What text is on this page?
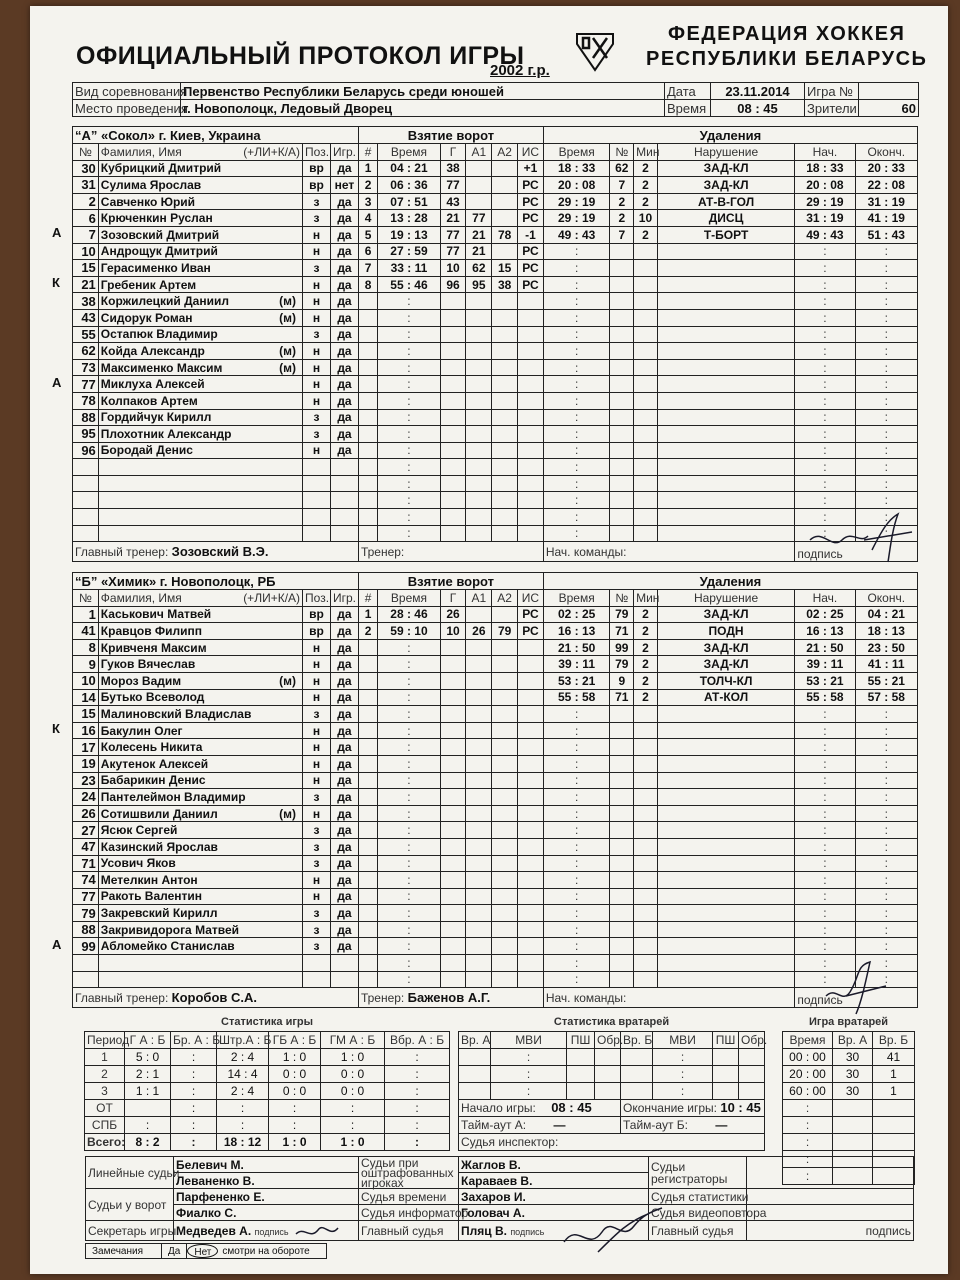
ОФИЦИАЛЬНЫЙ ПРОТОКОЛ ИГРЫ
2002 г.р.
ФЕДЕРАЦИЯ ХОККЕЯ
РЕСПУБЛИКИ БЕЛАРУСЬ
Вид соревнования	Первенство Республики Беларусь среди юношей	Дата	23.11.2014	Игра №	
Место проведения	г. Новополоцк, Ледовый Дворец	Время	08 : 45	Зрители	60
“А” «Сокол» г. Киев, Украина				Взятие ворот						Удаления					
№	Фамилия, Имя (+ЛИ+К/А)	Поз.	Игр.	#	Время	Г	А1	А2	ИС	Время	№	Мин	Нарушение	Нач.	Оконч.
30	Кубрицкий Дмитрий	вр	да	1	04 : 21	38			+1	18 : 33	62	2	ЗАД-КЛ	18 : 33	20 : 33
31	Сулима Ярослав	вр	нет	2	06 : 36	77			РС	20 : 08	7	2	ЗАД-КЛ	20 : 08	22 : 08
2	Савченко Юрий	з	да	3	07 : 51	43			РС	29 : 19	2	2	АТ-В-ГОЛ	29 : 19	31 : 19
6	Крюченкин Руслан	з	да	4	13 : 28	21	77		РС	29 : 19	2	10	ДИСЦ	31 : 19	41 : 19
7	Зозовский Дмитрий	н	да	5	19 : 13	77	21	78	-1	49 : 43	7	2	Т-БОРТ	49 : 43	51 : 43
10	Андрощук Дмитрий	н	да	6	27 : 59	77	21		РС	:				:	:
15	Герасименко Иван	з	да	7	33 : 11	10	62	15	РС	:				:	:
21	Гребеник Артем	н	да	8	55 : 46	96	95	38	РС	:				:	:
38	Коржилецкий Даниил (м)	н	да		:					:				:	:
43	Сидорук Роман (м)	н	да		:					:				:	:
55	Остапюк Владимир	з	да		:					:				:	:
62	Койда Александр (м)	н	да		:					:				:	:
73	Максименко Максим (м)	н	да		:					:				:	:
77	Миклуха Алексей	н	да		:					:				:	:
78	Колпаков Артем	н	да		:					:				:	:
88	Гордийчук Кирилл	з	да		:					:				:	:
95	Плохотник Александр	з	да		:					:				:	:
96	Бородай Денис	н	да		:					:				:	:
					:					:				:	:
					:					:				:	:
					:					:				:	:
					:					:				:	:
					:					:				:	:
Главный тренер: Зозовский В.Э.				Тренер:						Нач. команды:				подпись	
А
К
А
“Б” «Химик» г. Новополоцк, РБ				Взятие ворот						Удаления					
№	Фамилия, Имя (+ЛИ+К/А)	Поз.	Игр.	#	Время	Г	А1	А2	ИС	Время	№	Мин	Нарушение	Нач.	Оконч.
1	Каськович Матвей	вр	да	1	28 : 46	26			РС	02 : 25	79	2	ЗАД-КЛ	02 : 25	04 : 21
41	Кравцов Филипп	вр	да	2	59 : 10	10	26	79	РС	16 : 13	71	2	ПОДН	16 : 13	18 : 13
8	Кривченя Максим	н	да		:					21 : 50	99	2	ЗАД-КЛ	21 : 50	23 : 50
9	Гуков Вячеслав	н	да		:					39 : 11	79	2	ЗАД-КЛ	39 : 11	41 : 11
10	Мороз Вадим (м)	н	да		:					53 : 21	9	2	ТОЛЧ-КЛ	53 : 21	55 : 21
14	Бутько Всеволод	н	да		:					55 : 58	71	2	АТ-КОЛ	55 : 58	57 : 58
15	Малиновский Владислав	з	да		:					:				:	:
16	Бакулин Олег	н	да		:					:				:	:
17	Колесень Никита	н	да		:					:				:	:
19	Акутенок Алексей	н	да		:					:				:	:
23	Бабарикин Денис	н	да		:					:				:	:
24	Пантелеймон Владимир	з	да		:					:				:	:
26	Сотишвили Даниил (м)	н	да		:					:				:	:
27	Ясюк Сергей	з	да		:					:				:	:
47	Казинский Ярослав	з	да		:					:				:	:
71	Усович Яков	з	да		:					:				:	:
74	Метелкин Антон	н	да		:					:				:	:
77	Ракоть Валентин	н	да		:					:				:	:
79	Закревский Кирилл	з	да		:					:				:	:
88	Закривидорога Матвей	з	да		:					:				:	:
99	Абломейко Станислав	з	да		:					:				:	:
					:					:				:	:
					:					:				:	:
Главный тренер: Коробов С.А.				Тренер: Баженов А.Г.						Нач. команды:				подпись	
К
А
Статистика игры						
Период	Г А : Б	Бр. А : Б	Штр.А : Б	ГБ А : Б	ГМ А : Б	Вбр. А : Б
1	5 : 0	:	2 : 4	1 : 0	1 : 0	:
2	2 : 1	:	14 : 4	0 : 0	0 : 0	:
3	1 : 1	:	2 : 4	0 : 0	0 : 0	:
ОТ		:	:	:	:	:
СПБ	:	:	:	:	:	:
Всего:	8 : 2	:	18 : 12	1 : 0	1 : 0	:
Статистика вратарей							
Вр. А	МВИ	ПШ	Обр.	Вр. Б	МВИ	ПШ	Обр.
	:				:		
	:				:		
	:				:		
Начало игры: 08 : 45				Окончание игры: 10 : 45			
Тайм-аут А: —				Тайм-аут Б: —			
Судья инспектор:							
Игра вратарей		
Время	Вр. А	Вр. Б
00 : 00	30	41
20 : 00	30	1
60 : 00	30	1
:		
:		
:		
:		
:		
Линейные судьи	Белевич М.	Судьи при оштрафованных игроках	Жаглов В.	Судьи регистраторы	
	Леваненко В.		Караваев В.		
Судьи у ворот	Парфененко Е.	Судья времени	Захаров И.	Судья статистики	
	Фиалко С.	Судья информатор	Головач А.	Судья видеоповтора	
Секретарь игры	Медведев А. подпись	Главный судья	Пляц В. подпись	Главный судья	подпись
Замечания	Да	Нет	смотри на обороте
